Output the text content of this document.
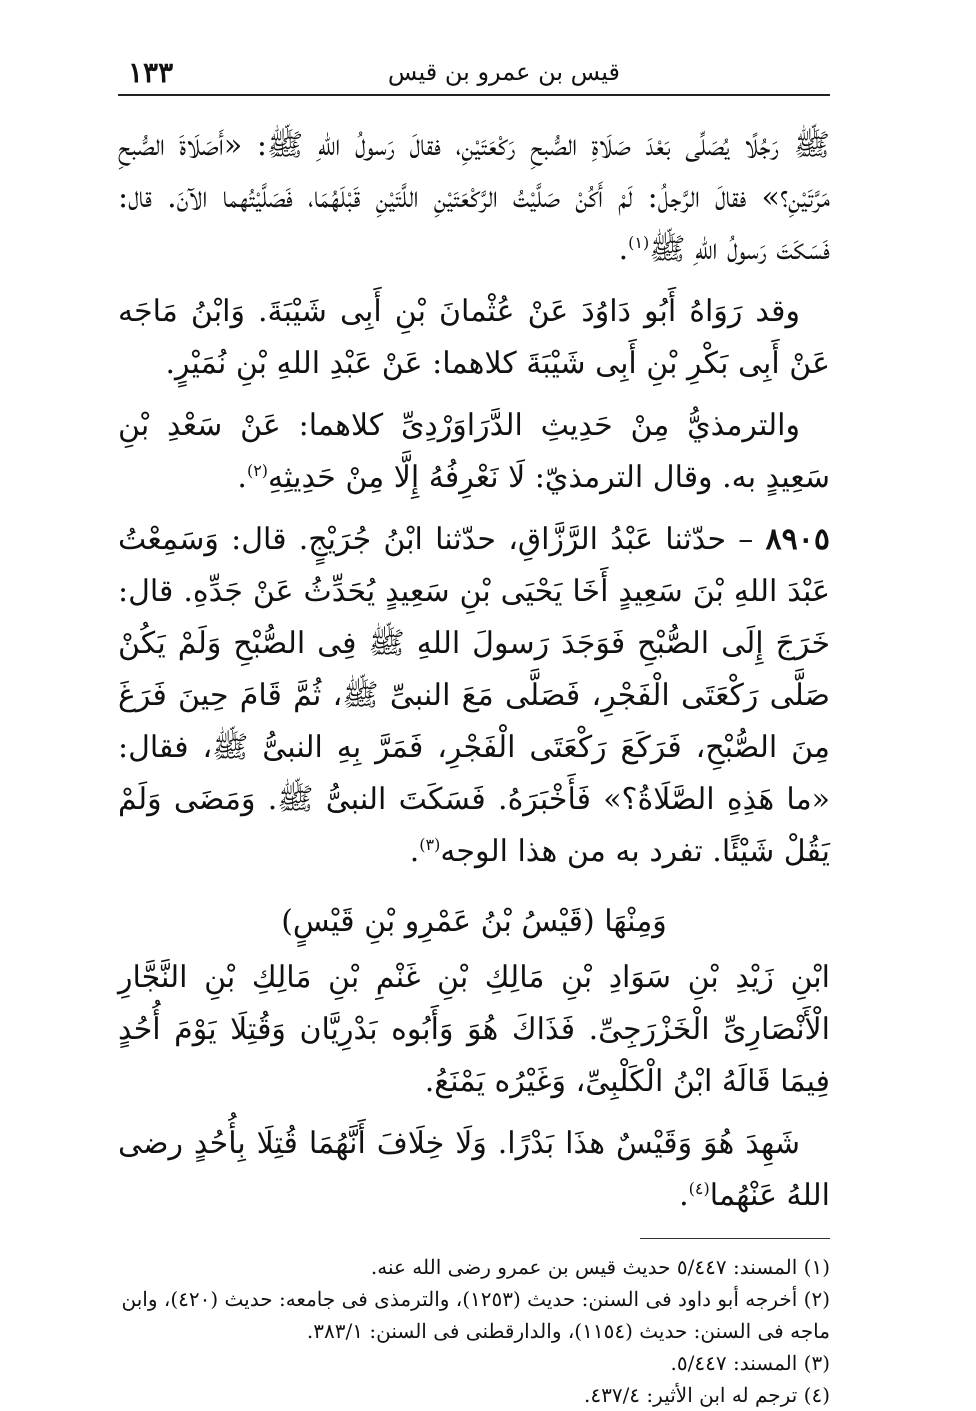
قيس بن عمرو بن قيس
١٣٣

ﷺ رَجُلًا يُصَلِّى بَعْدَ صَلَاةِ الصُّبحِ رَكْعَتَيْنِ، فقالَ رَسولُ اللهِ ﷺ: «أَصَلَاةَ الصُّبحِ مَرَّتَيْنِ؟» فقالَ الرَّجلُ: لَمْ أَكُنْ صَلَّيْتُ الرَّكْعَتَيْنِ اللَّتَيْنِ قَبْلَهُمَا، فَصَلَّيْتُهما الآنَ. قال: فَسَكَتَ رَسولُ اللهِ ﷺ$^{(١)}$.

وقد رَوَاهُ أَبُو دَاوُدَ عَنْ عُثْمانَ بْنِ أَبِى شَيْبَةَ. وَابْنُ مَاجَه عَنْ أَبِى بَكْرِ بْنِ أَبِى شَيْبَةَ كلاهما: عَنْ عَبْدِ اللهِ بْنِ نُمَيْرٍ.

والترمذيُّ مِنْ حَدِيثِ الدَّرَاوَرْدِىِّ كلاهما: عَنْ سَعْدِ بْنِ سَعِيدٍ به. وقال الترمذيّ: لَا نَعْرِفُهُ إِلَّا مِنْ حَدِيثِهِ$^{(٢)}$.

٨٩٠٥ – حدّثنا عَبْدُ الرَّزَّاقِ، حدّثنا ابْنُ جُرَيْجٍ. قال: وَسَمِعْتُ عَبْدَ اللهِ بْنَ سَعِيدٍ أَخَا يَحْيَى بْنِ سَعِيدٍ يُحَدِّثُ عَنْ جَدِّهِ. قال: خَرَجَ إِلَى الصُّبْحِ فَوَجَدَ رَسولَ اللهِ ﷺ فِى الصُّبْحِ وَلَمْ يَكُنْ صَلَّى رَكْعَتَى الْفَجْرِ، فَصَلَّى مَعَ النبىِّ ﷺ، ثُمَّ قَامَ حِينَ فَرَغَ مِنَ الصُّبْحِ، فَرَكَعَ رَكْعَتَى الْفَجْرِ، فَمَرَّ بِهِ النبىُّ ﷺ، فقال: «ما هَذِهِ الصَّلَاةُ؟» فَأَخْبَرَهُ. فَسَكَتَ النبىُّ ﷺ. وَمَضَى وَلَمْ يَقُلْ شَيْئًا. تفرد به من هذا الوجه$^{(٣)}$.

وَمِنْهَا (قَيْسُ بْنُ عَمْرِو بْنِ قَيْسٍ)

ابْنِ زَيْدِ بْنِ سَوَادِ بْنِ مَالِكِ بْنِ غَنْمِ بْنِ مَالِكِ بْنِ النَّجَّارِ الْأَنْصَارِىِّ الْخَزْرَجِىِّ. فَذَاكَ هُوَ وَأَبُوه بَدْرِيَّان وَقُتِلَا يَوْمَ أُحُدٍ فِيمَا قَالَهُ ابْنُ الْكَلْبِىِّ، وَغَيْرُه يَمْنَعُ.

شَهِدَ هُوَ وَقَيْسٌ هذَا بَدْرًا. وَلَا خِلَافَ أَنَّهُمَا قُتِلَا بِأُحُدٍ رضى اللهُ عَنْهُما$^{(٤)}$.

(١) المسند: ٥/٤٤٧ حديث قيس بن عمرو رضى الله عنه.

(٢) أخرجه أبو داود فى السنن: حديث (١٢٥٣)، والترمذى فى جامعه: حديث (٤٢٠)، وابن ماجه فى السنن: حديث (١١٥٤)، والدارقطنى فى السنن: ٣٨٣/١.

(٣) المسند: ٥/٤٤٧.

(٤) ترجم له ابن الأثير: ٤٣٧/٤.
